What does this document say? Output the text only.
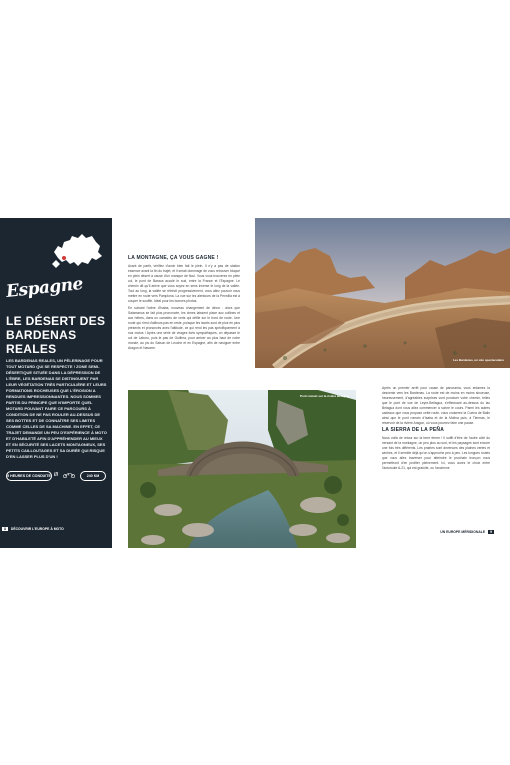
Espagne
LE DÉSERT DES
BARDENAS REALES
LES BARDENAS REALES, UN PÈLERINAGE POUR TOUT MOTARD QUI SE RESPECTE ! ZONE SEMI-DÉSERTIQUE SITUÉE DANS LA DÉPRESSION DE L'ÈBRE, LES BARDENAS SE DISTINGUENT PAR LEUR VÉGÉTATION TRÈS PARTICULIÈRE ET LEURS FORMATIONS ROCHEUSES QUE L'ÉROSION A RENDUES IMPRESSIONNANTES. NOUS SOMMES PARTIS DU PRINCIPE QUE N'IMPORTE QUEL MOTARD POUVANT FAIRE CE PARCOURS À CONDITION DE NE PAS ROULER AU-DESSUS DE SES BOTTES ET DE CONNAÎTRE SES LIMITES COMME CELLES DE SA MACHINE. EN EFFET, CE TRAJET DEMANDE UN PEU D'EXPÉRIENCE À MOTO ET D'HABILETÉ AFIN D'APPRÉHENDER AU MIEUX ET EN SÉCURITÉ SES LACETS MONTAGNEUX, SES PETITS CAILLOUTAGES ET SA DURÉE QUI RISQUE D'EN LASSER PLUS D'UN !
5 HEURES DE CONDUITE ///	240 KM
8 DÉCOUVRIR L'EUROPE À MOTO
LA MONTAGNE, ÇA VOUS GAGNE !

Avant de partir, vérifiez d'avoir bien fait le plein. Il n'y a pas de station essence avant la fin du trajet, et il serait dommage de vous retrouver bloqué en plein désert à cause d'un manque de fioul. Vous vous trouverez en plein col, le pont de Baraca accolé le sud, entre la France et l'Espagne. Le chemin dit qu'il arrive que vous soyez en sens inverse le long de la vallée. Tout au long, la vallée se rétrécit progressivement, vous allez pouvoir vous mettre en route vers Pamplona. La vue sur les alentours de la Pennilla est à couper le souffle. Idéal pour les bonnes photos.

En suivant l'arbre d'Isaba, nouveau changement de décor : alors que Salamanca se fait plus prononcée, les cimes laissent place aux collines et aux hêtres, dans un camaïeu de verts qui défile sur le bord de route. Une route qui n'est d'ailleurs pas en reste, puisque les lacets sont de plus en plus présents et prononcés avec l'altitude, ce qui rend les pas spécifiquement à nos motos ! Après une série de virages forts sympathiques, on dépasse le col de Laburu, puis le pas de Guillera, pour arriver au plus haut de notre monde, au pic du Saison de Leoche et en Espagne, afin de naviguer entre Aragon et Navarre.

Les Bardenas, un site spectaculaire
Pont romain sur la rivière Belagua

Après un premier arrêt pour cause de panorama, vous entamez la descente vers les Bardenas. La route est de moins en moins sinueuse, heureusement, d'agréables surprises vont ponctuer votre chemin, telles que le pont de vue de Leyre-Bellagua, s'effectuant au-dessus du lac Belagua dont vous allez commencer à suivre le cours. Parmi les autres cadeaux que vous propose cette route, vous croiserez la Cueva de Balin ainsi que le pont romain d'Isaba et de la Molina puis, à Tiermas, le réservoir de la rivière Aragon, où vous pourrez faire une pause.

LA SIERRA DE LA PEÑA

Nous voilà de retour sur la terre ferme ! Il suffit d'être de l'autre côté du versant de la montagne, un peu plus au sud, et les paysages sont encore une fois très différents. Les prairies sont devenues des plaines vertes et sèches, et il semble déjà qu'on s'approche peu à peu. Les longues routes que vous allez traverser pour atteindre le prochain tronçon vous permettront d'en profiter pleinement. Ici, vous aurez le choix entre l'autoroute A-21, qui est gratuite, ou l'ancienne

UN EUROPE MÉRIDIONALE 9
